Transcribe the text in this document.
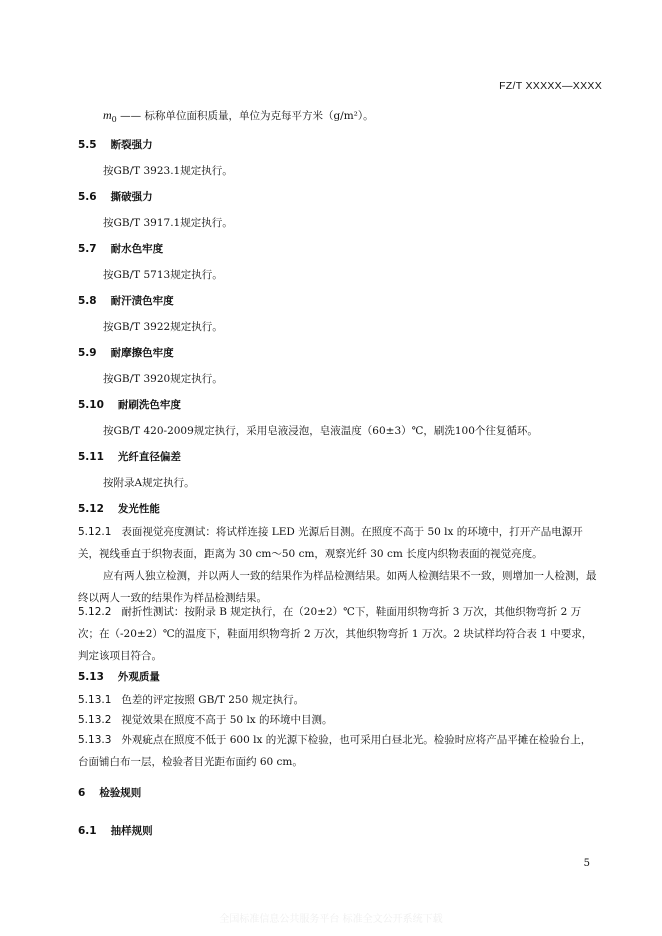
FZ/T XXXXX—XXXX
$m_0$ —— 标称单位面积质量，单位为克每平方米（g/m²）。
5.5 断裂强力
按GB/T 3923.1规定执行。
5.6 撕破强力
按GB/T 3917.1规定执行。
5.7 耐水色牢度
按GB/T 5713规定执行。
5.8 耐汗渍色牢度
按GB/T 3922规定执行。
5.9 耐摩擦色牢度
按GB/T 3920规定执行。
5.10 耐刷洗色牢度
按GB/T 420-2009规定执行，采用皂液浸泡，皂液温度（60±3）℃，刷洗100个往复循环。
5.11 光纤直径偏差
按附录A规定执行。
5.12 发光性能
5.12.1 表面视觉亮度测试：将试样连接 LED 光源后目测。在照度不高于 50 lx 的环境中，打开产品电源开关，视线垂直于织物表面，距离为 30 cm～50 cm，观察光纤 30 cm 长度内织物表面的视觉亮度。
应有两人独立检测，并以两人一致的结果作为样品检测结果。如两人检测结果不一致，则增加一人检测，最终以两人一致的结果作为样品检测结果。
5.12.2 耐折性测试：按附录 B 规定执行，在（20±2）℃下，鞋面用织物弯折 3 万次，其他织物弯折 2 万次；在（-20±2）℃的温度下，鞋面用织物弯折 2 万次，其他织物弯折 1 万次。2 块试样均符合表 1 中要求，判定该项目符合。
5.13 外观质量
5.13.1 色差的评定按照 GB/T 250 规定执行。
5.13.2 视觉效果在照度不高于 50 lx 的环境中目测。
5.13.3 外观疵点在照度不低于 600 lx 的光源下检验，也可采用白昼北光。检验时应将产品平摊在检验台上，台面铺白布一层，检验者目光距布面约 60 cm。
6 检验规则
6.1 抽样规则
5
全国标准信息公共服务平台 标准全文公开系统下载
